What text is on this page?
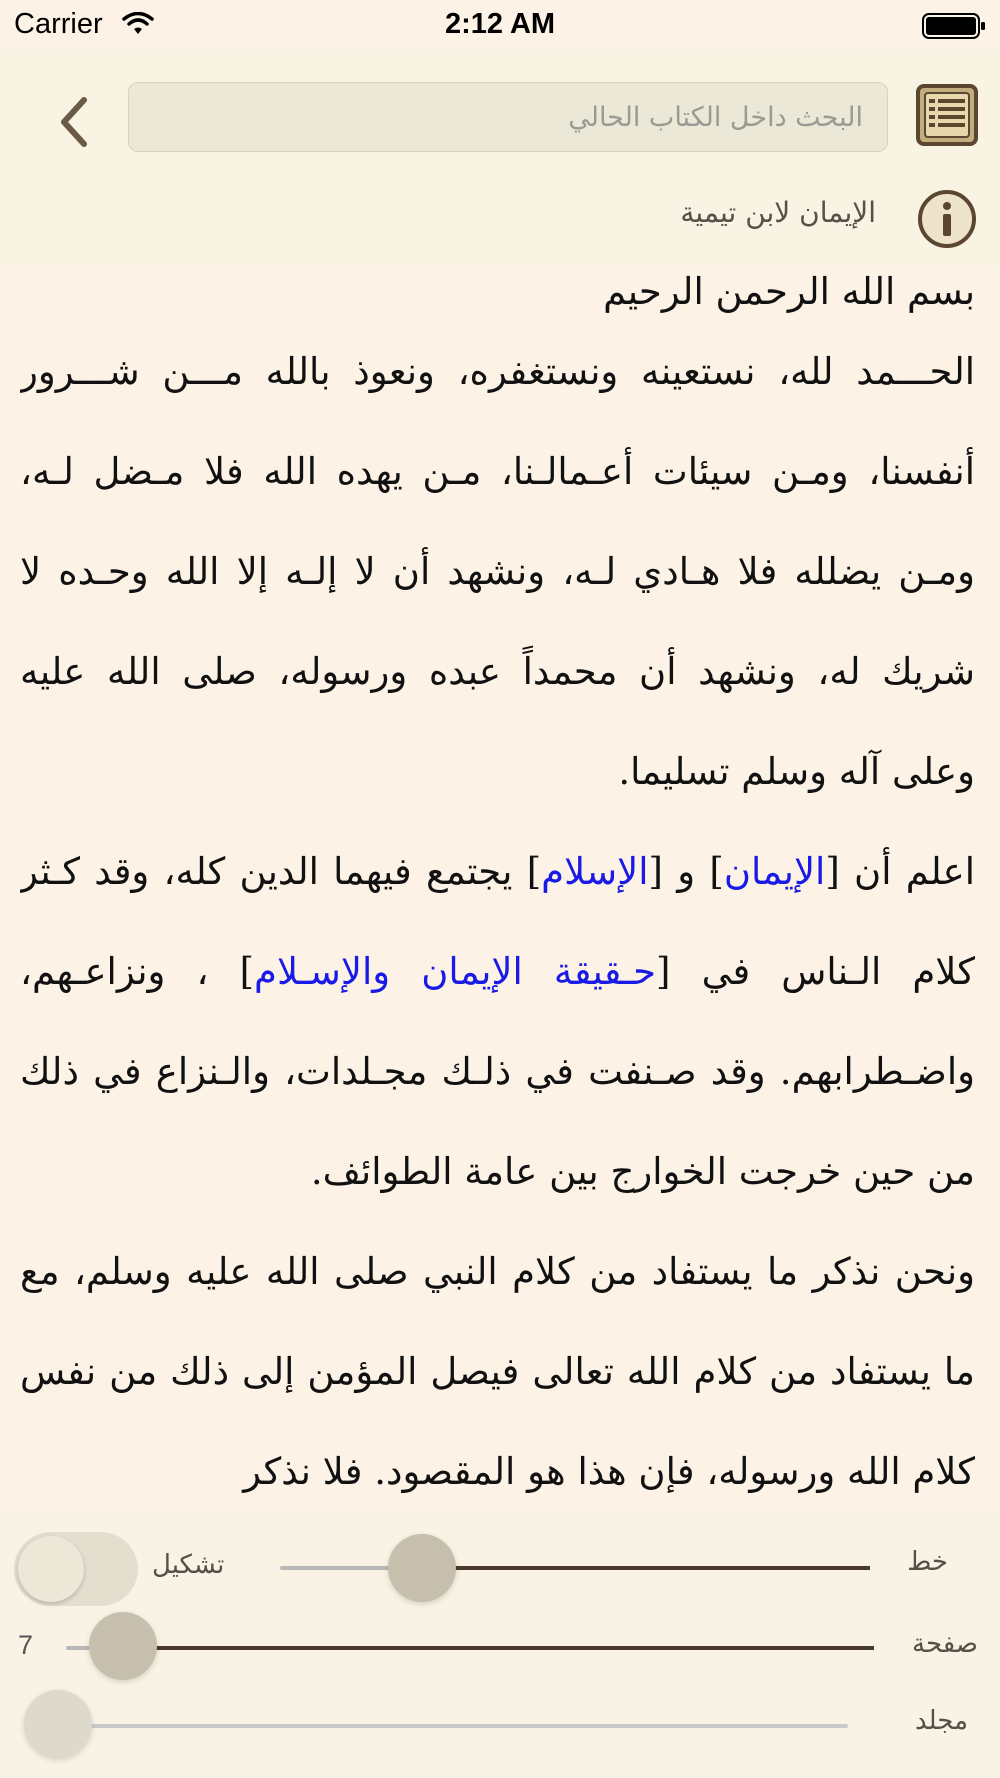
Carrier	2:12 AM
البحث داخل الكتاب الحالي
الإيمان لابن تيمية

بسم الله الرحمن الرحيم

الحـــمد لله، نستعينه ونستغفره، ونعوذ بالله مـــن شـــرور أنفسنا، ومـن سيئات أعـمالـنا، مـن يهده الله فلا مـضل لـه، ومـن يضلله فلا هـادي لـه، ونشهد أن لا إلـه إلا الله وحـده لا شريك له، ونشهد أن محمداً عبده ورسوله، صلى الله عليه وعلى آله وسلم تسليما.

اعلم أن [الإيمان] و [الإسلام] يجتمع فيهما الدين كله، وقد كـثر كلام الـناس في [حـقيقة الإيمان والإسـلام] ، ونزاعـهم، واضـطرابهم. وقد صـنفت في ذلـك مجـلدات، والـنزاع في ذلك من حين خرجت الخوارج بين عامة الطوائف.

ونحن نذكر ما يستفاد من كلام النبي صلى الله عليه وسلم، مع ما يستفاد من كلام الله تعالى فيصل المؤمن إلى ذلك من نفس كلام الله ورسوله، فإن هذا هو المقصود. فلا نذكر

خط
تشكيل
صفحة
7
مجلد
